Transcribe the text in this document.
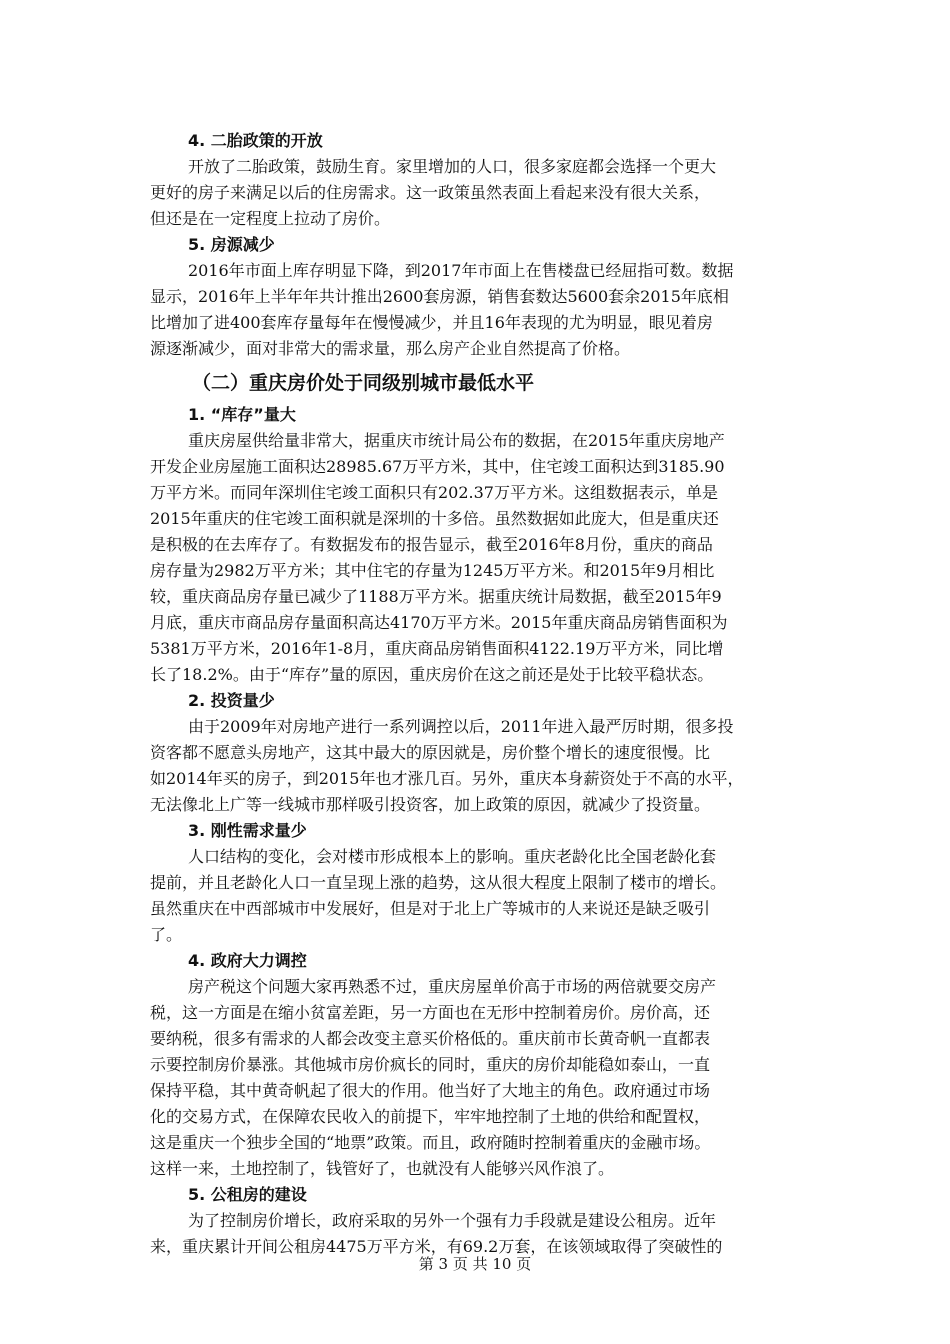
4. 二胎政策的开放
开放了二胎政策，鼓励生育。家里增加的人口，很多家庭都会选择一个更大
更好的房子来满足以后的住房需求。这一政策虽然表面上看起来没有很大关系，
但还是在一定程度上拉动了房价。
5. 房源减少
2016年市面上库存明显下降，到2017年市面上在售楼盘已经屈指可数。数据
显示，2016年上半年年共计推出2600套房源，销售套数达5600套余2015年底相
比增加了进400套库存量每年在慢慢减少，并且16年表现的尤为明显，眼见着房
源逐渐减少，面对非常大的需求量，那么房产企业自然提高了价格。
（二）重庆房价处于同级别城市最低水平
1. “库存”量大
重庆房屋供给量非常大，据重庆市统计局公布的数据，在2015年重庆房地产
开发企业房屋施工面积达28985.67万平方米，其中，住宅竣工面积达到3185.90
万平方米。而同年深圳住宅竣工面积只有202.37万平方米。这组数据表示，单是
2015年重庆的住宅竣工面积就是深圳的十多倍。虽然数据如此庞大，但是重庆还
是积极的在去库存了。有数据发布的报告显示，截至2016年8月份，重庆的商品
房存量为2982万平方米；其中住宅的存量为1245万平方米。和2015年9月相比
较，重庆商品房存量已减少了1188万平方米。据重庆统计局数据，截至2015年9
月底，重庆市商品房存量面积高达4170万平方米。2015年重庆商品房销售面积为
5381万平方米，2016年1-8月，重庆商品房销售面积4122.19万平方米，同比增
长了18.2%。由于“库存”量的原因，重庆房价在这之前还是处于比较平稳状态。
2. 投资量少
由于2009年对房地产进行一系列调控以后，2011年进入最严厉时期，很多投
资客都不愿意头房地产，这其中最大的原因就是，房价整个增长的速度很慢。比
如2014年买的房子，到2015年也才涨几百。另外，重庆本身薪资处于不高的水平，
无法像北上广等一线城市那样吸引投资客，加上政策的原因，就减少了投资量。
3. 刚性需求量少
人口结构的变化，会对楼市形成根本上的影响。重庆老龄化比全国老龄化套
提前，并且老龄化人口一直呈现上涨的趋势，这从很大程度上限制了楼市的增长。
虽然重庆在中西部城市中发展好，但是对于北上广等城市的人来说还是缺乏吸引
了。
4. 政府大力调控
房产税这个问题大家再熟悉不过，重庆房屋单价高于市场的两倍就要交房产
税，这一方面是在缩小贫富差距，另一方面也在无形中控制着房价。房价高，还
要纳税，很多有需求的人都会改变主意买价格低的。重庆前市长黄奇帆一直都表
示要控制房价暴涨。其他城市房价疯长的同时，重庆的房价却能稳如泰山，一直
保持平稳，其中黄奇帆起了很大的作用。他当好了大地主的角色。政府通过市场
化的交易方式，在保障农民收入的前提下，牢牢地控制了土地的供给和配置权，
这是重庆一个独步全国的“地票”政策。而且，政府随时控制着重庆的金融市场。
这样一来，土地控制了，钱管好了，也就没有人能够兴风作浪了。
5. 公租房的建设
为了控制房价增长，政府采取的另外一个强有力手段就是建设公租房。近年
来，重庆累计开间公租房4475万平方米，有69.2万套，在该领域取得了突破性的
第 3 页 共 10 页
